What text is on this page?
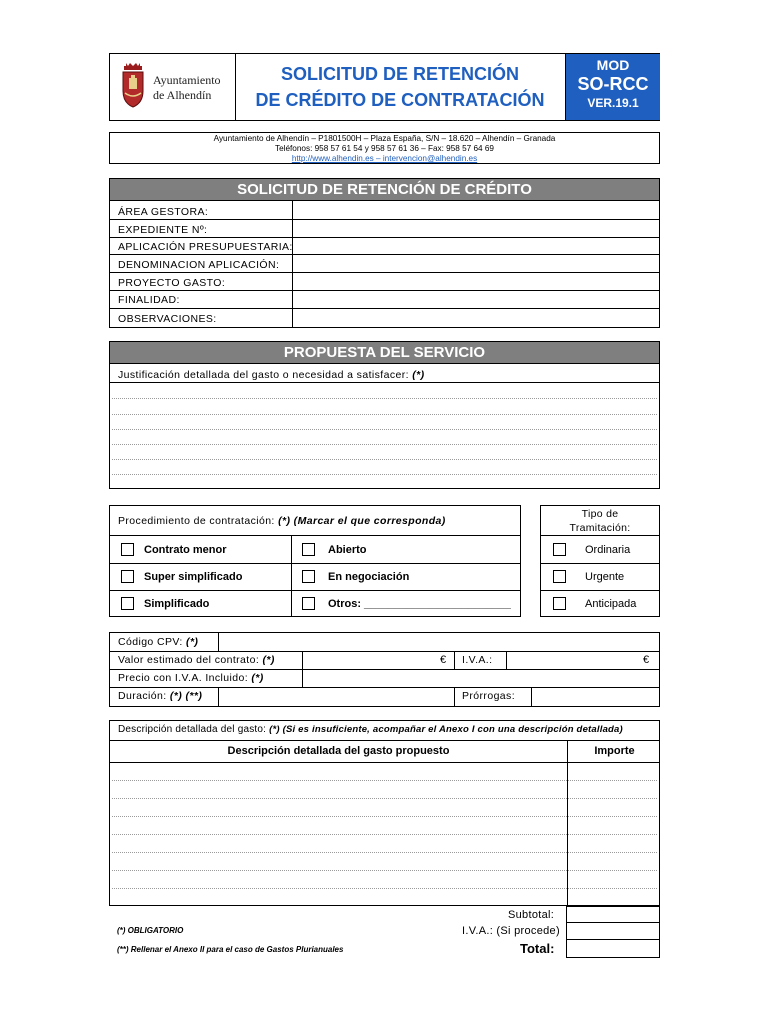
Ayuntamiento
de Alhendín
SOLICITUD DE RETENCIÓN
DE CRÉDITO DE CONTRATACIÓN
MOD
SO-RCC
VER.19.1
Ayuntamiento de Alhendín – P1801500H – Plaza España, S/N – 18.620 – Alhendín – Granada
Teléfonos: 958 57 61 54 y 958 57 61 36 – Fax: 958 57 64 69
http://www.alhendin.es – intervencion@alhendin.es
SOLICITUD DE RETENCIÓN DE CRÉDITO
ÁREA GESTORA:
EXPEDIENTE Nº:
APLICACIÓN PRESUPUESTARIA:
DENOMINACION APLICACIÓN:
PROYECTO GASTO:
FINALIDAD:
OBSERVACIONES:
PROPUESTA DEL SERVICIO
Justificación detallada del gasto o necesidad a satisfacer: (*)
Procedimiento de contratación: (*) (Marcar el que corresponda)
Contrato menor	Abierto
Super simplificado	En negociación
Simplificado	Otros: ________________________
Tipo de
Tramitación:
Ordinaria
Urgente
Anticipada
Código CPV: (*)
Valor estimado del contrato: (*)	€ I.V.A.:	€
Precio con I.V.A. Incluido: (*)
Duración: (*) (**)	Prórrogas:
Descripción detallada del gasto: (*) (Si es insuficiente, acompañar el Anexo I con una descripción detallada)
Descripción detallada del gasto propuesto	Importe
Subtotal:
I.V.A.: (Si procede)
Total:
(*) OBLIGATORIO
(**) Rellenar el Anexo II para el caso de Gastos Plurianuales
